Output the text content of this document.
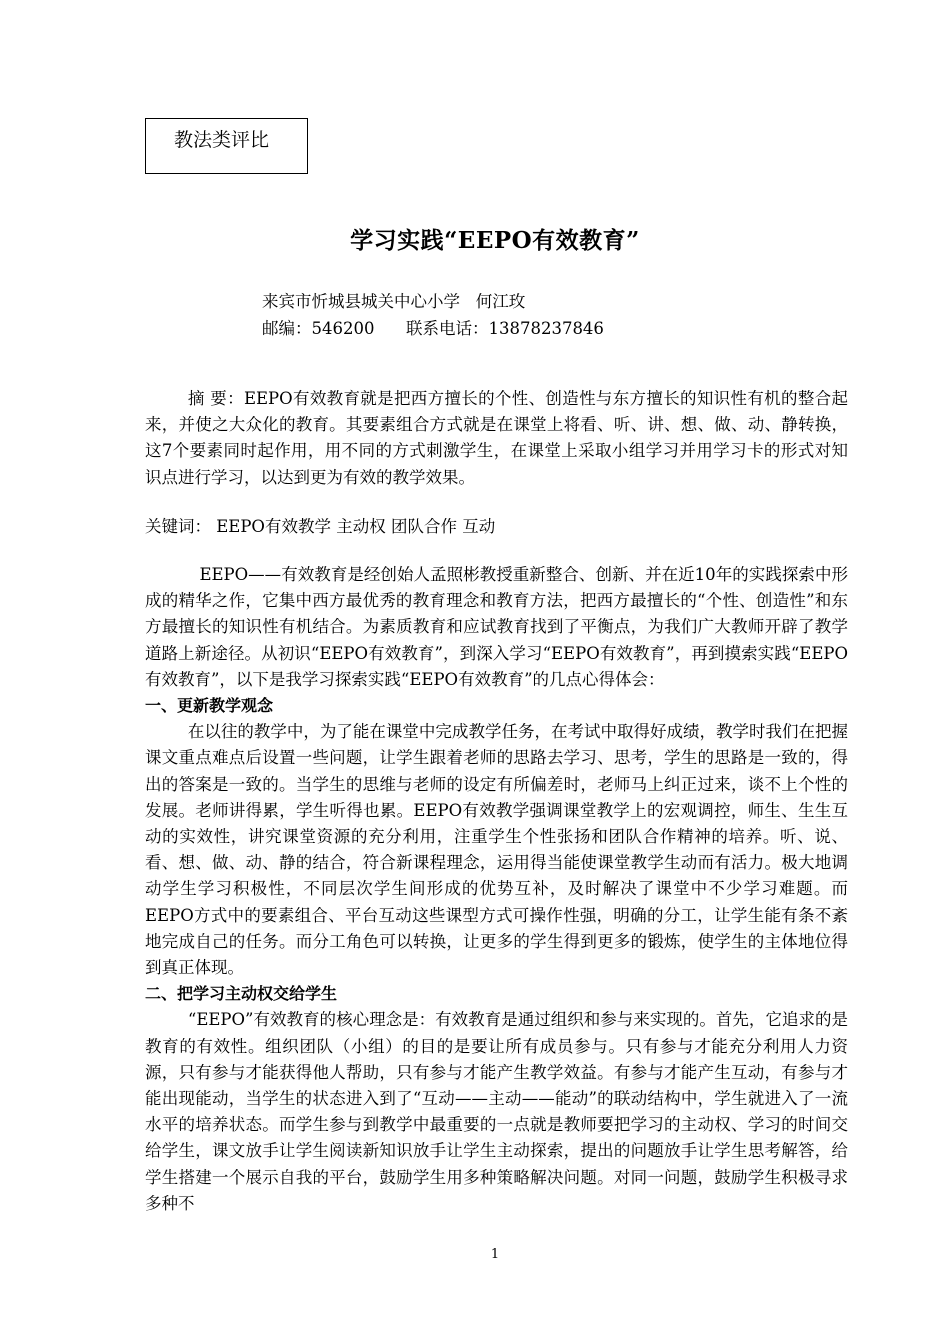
教法类评比
学习实践“EEPO有效教育”
来宾市忻城县城关中心小学   何江玫
邮编：546200      联系电话：13878237846

摘 要：EEPO有效教育就是把西方擅长的个性、创造性与东方擅长的知识性有机的整合起来，并使之大众化的教育。其要素组合方式就是在课堂上将看、听、讲、想、做、动、静转换，这7个要素同时起作用，用不同的方式刺激学生，在课堂上采取小组学习并用学习卡的形式对知识点进行学习，以达到更为有效的教学效果。

关键词： EEPO有效教学 主动权 团队合作 互动

EEPO——有效教育是经创始人孟照彬教授重新整合、创新、并在近10年的实践探索中形成的精华之作，它集中西方最优秀的教育理念和教育方法，把西方最擅长的“个性、创造性”和东方最擅长的知识性有机结合。为素质教育和应试教育找到了平衡点，为我们广大教师开辟了教学道路上新途径。从初识“EEPO有效教育”，到深入学习“EEPO有效教育”，再到摸索实践“EEPO有效教育”，以下是我学习探索实践“EEPO有效教育”的几点心得体会：

一、更新教学观念

在以往的教学中，为了能在课堂中完成教学任务，在考试中取得好成绩，教学时我们在把握课文重点难点后设置一些问题，让学生跟着老师的思路去学习、思考，学生的思路是一致的，得出的答案是一致的。当学生的思维与老师的设定有所偏差时，老师马上纠正过来，谈不上个性的发展。老师讲得累，学生听得也累。EEPO有效教学强调课堂教学上的宏观调控，师生、生生互动的实效性，讲究课堂资源的充分利用，注重学生个性张扬和团队合作精神的培养。听、说、看、想、做、动、静的结合，符合新课程理念，运用得当能使课堂教学生动而有活力。极大地调动学生学习积极性，不同层次学生间形成的优势互补，及时解决了课堂中不少学习难题。而EEPO方式中的要素组合、平台互动这些课型方式可操作性强，明确的分工，让学生能有条不紊地完成自己的任务。而分工角色可以转换，让更多的学生得到更多的锻炼，使学生的主体地位得到真正体现。

二、把学习主动权交给学生

“EEPO”有效教育的核心理念是：有效教育是通过组织和参与来实现的。首先，它追求的是教育的有效性。组织团队（小组）的目的是要让所有成员参与。只有参与才能充分利用人力资源，只有参与才能获得他人帮助，只有参与才能产生教学效益。有参与才能产生互动，有参与才能出现能动，当学生的状态进入到了“互动——主动——能动”的联动结构中，学生就进入了一流水平的培养状态。而学生参与到教学中最重要的一点就是教师要把学习的主动权、学习的时间交给学生，课文放手让学生阅读新知识放手让学生主动探索，提出的问题放手让学生思考解答，给学生搭建一个展示自我的平台，鼓励学生用多种策略解决问题。对同一问题，鼓励学生积极寻求多种不

1
